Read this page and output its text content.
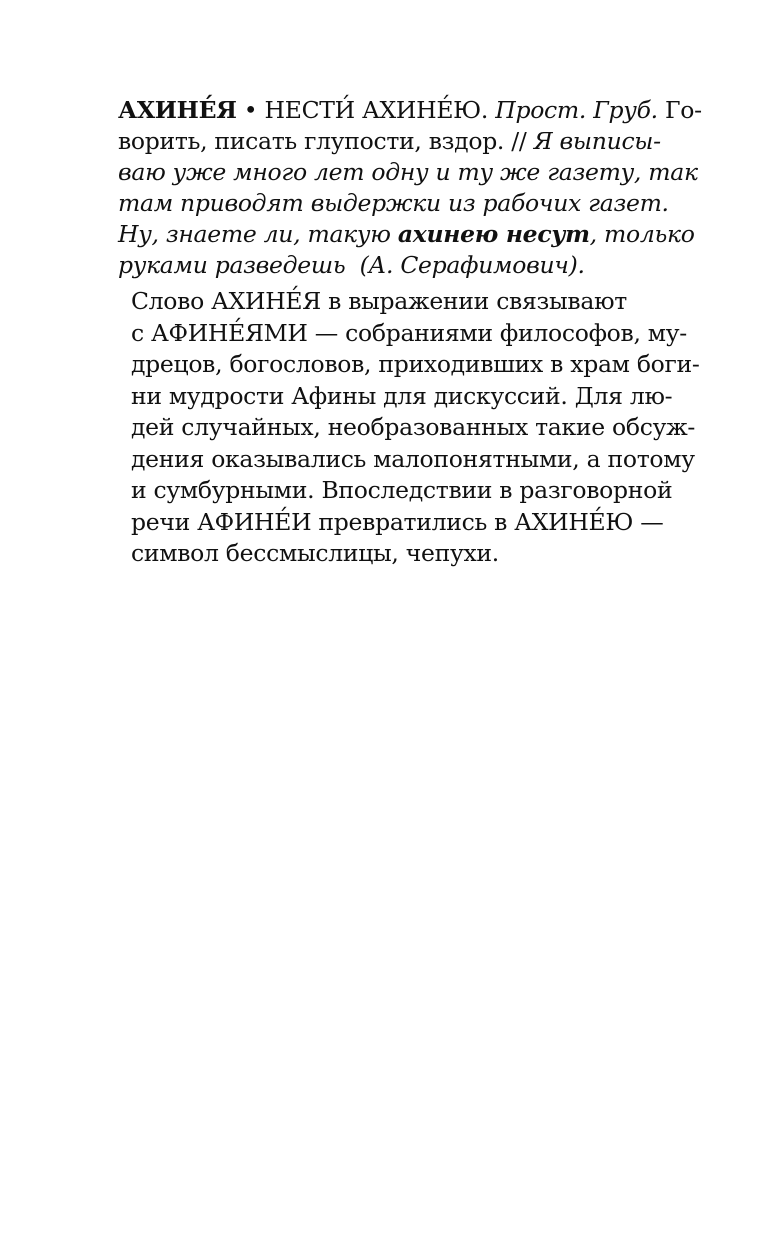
АХИНЕ́Я • НЕСТИ́ АХИНЕ́Ю. Прост. Груб. Го-
ворить, писать глупости, вздор. // Я выписы-
ваю уже много лет одну и ту же газету, так
там приводят выдержки из рабочих газет.
Ну, знаете ли, такую ахинею несут, только
руками разведешь  (А. Серафимович).
Слово АХИНЕ́Я в выражении связывают
с АФИНЕ́ЯМИ — собраниями философов, му-
дрецов, богословов, приходивших в храм боги-
ни мудрости Афины для дискуссий. Для лю-
дей случайных, необразованных такие обсуж-
дения оказывались малопонятными, а потому
и сумбурными. Впоследствии в разговорной
речи АФИНЕ́И превратились в АХИНЕ́Ю —
символ бессмыслицы, чепухи.
